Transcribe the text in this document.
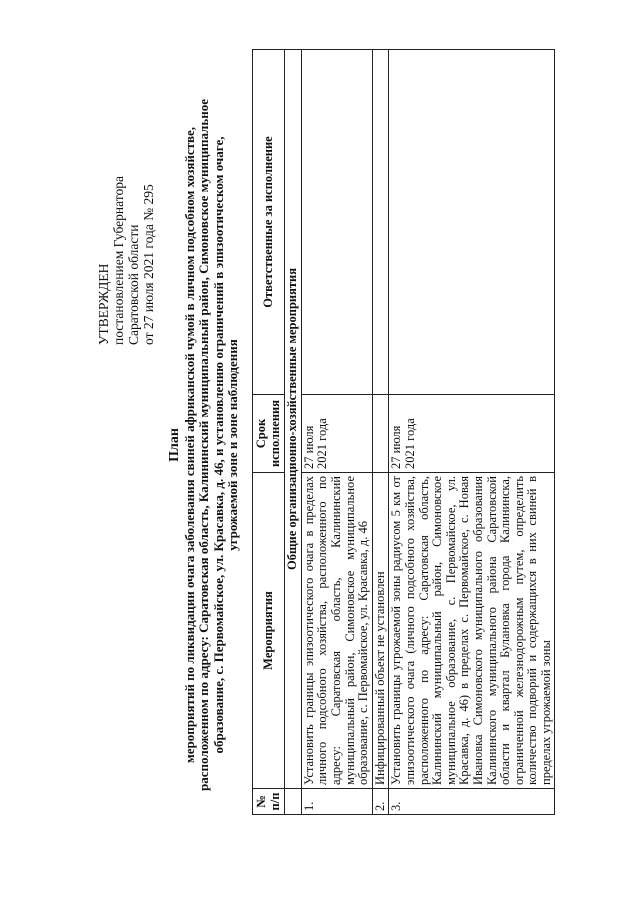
УТВЕРЖДЕН постановлением Губернатора Саратовской области от 27 июля 2021 года № 295
План мероприятий по ликвидации очага заболевания свиней африканской чумой в личном подсобном хозяйстве, расположенном по адресу: Саратовская область, Калининский муниципальный район, Симоновское муниципальное образование, с. Первомайское, ул. Красавка, д. 46, и установлению ограничений в эпизоотическом очаге, угрожаемой зоне и зоне наблюдения
№ п/п	Мероприятия	Срок исполнения	Ответственные за исполнение
	Общие организационно-хозяйственные мероприятия		
1.	Установить границы эпизоотического очага в пределах личного подсобного хозяйства, расположенного по адресу: Саратовская область, Калининский муниципальный район, Симоновское муниципальное образование, с. Первомайское, ул. Красавка, д. 46	27 июля 2021 года	
2.	Инфицированный объект не установлен		
3.	Установить границы угрожаемой зоны радиусом 5 км от эпизоотического очага (личного подсобного хозяйства, расположенного по адресу: Саратовская область, Калининский муниципальный район, Симоновское муниципальное образование, с. Первомайское, ул. Красавка, д. 46) в пределах с. Первомайское, с. Новая Ивановка Симоновского муниципального образования Калининского муниципального района Саратовской области и квартал Булановка города Калининска, ограниченной железнодорожным путем, определить количество подворий и содержащихся в них свиней в пределах угрожаемой зоны	27 июля 2021 года	
